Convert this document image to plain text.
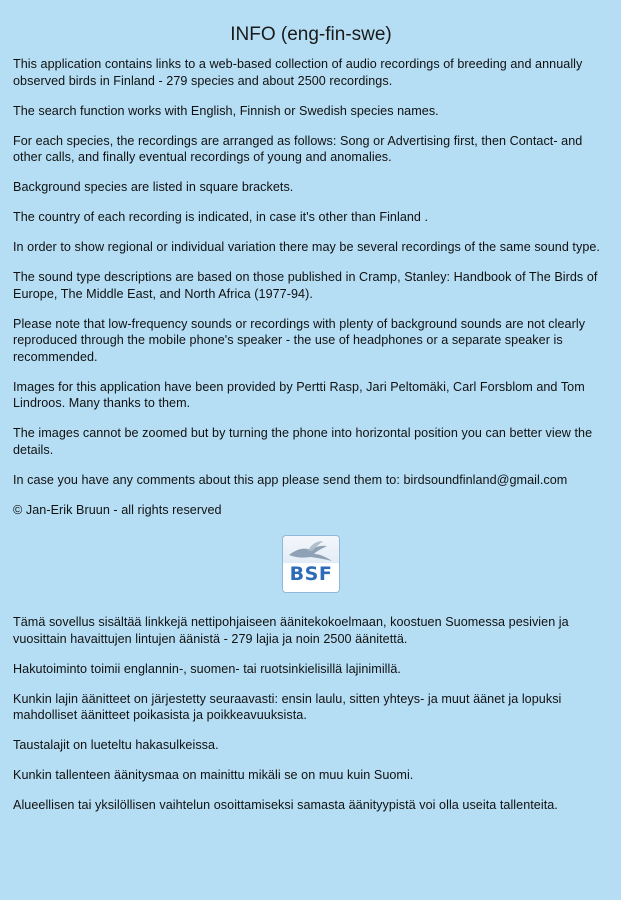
INFO (eng-fin-swe)

This application contains links to a web-based collection of audio recordings of breeding and annually observed birds in Finland - 279 species and about 2500 recordings.

The search function works with English, Finnish or Swedish species names.

For each species, the recordings are arranged as follows: Song or Advertising first, then Contact- and other calls, and finally eventual recordings of young and anomalies.

Background species are listed in square brackets.

The country of each recording is indicated, in case it's other than Finland .

In order to show regional or individual variation there may be several recordings of the same sound type.

The sound type descriptions are based on those published in Cramp, Stanley: Handbook of The Birds of Europe, The Middle East, and North Africa (1977-94).

Please note that low-frequency sounds or recordings with plenty of background sounds are not clearly reproduced through the mobile phone's speaker - the use of headphones or a separate speaker is recommended.

Images for this application have been provided by Pertti Rasp, Jari Peltomäki, Carl Forsblom and Tom Lindroos. Many thanks to them.

The images cannot be zoomed but by turning the phone into horizontal position you can better view the details.

In case you have any comments about this app please send them to: birdsoundfinland@gmail.com

© Jan-Erik Bruun - all rights reserved

BSF

Tämä sovellus sisältää linkkejä nettipohjaiseen äänitekokoelmaan, koostuen Suomessa pesivien ja vuosittain havaittujen lintujen äänistä - 279 lajia ja noin 2500 äänitettä.

Hakutoiminto toimii englannin-, suomen- tai ruotsinkielisillä lajinimillä.

Kunkin lajin äänitteet on järjestetty seuraavasti: ensin laulu, sitten yhteys- ja muut äänet ja lopuksi mahdolliset äänitteet poikasista ja poikkeavuuksista.

Taustalajit on lueteltu hakasulkeissa.

Kunkin tallenteen äänitysmaa on mainittu mikäli se on muu kuin Suomi.

Alueellisen tai yksilöllisen vaihtelun osoittamiseksi samasta äänityypistä voi olla useita tallenteita.
